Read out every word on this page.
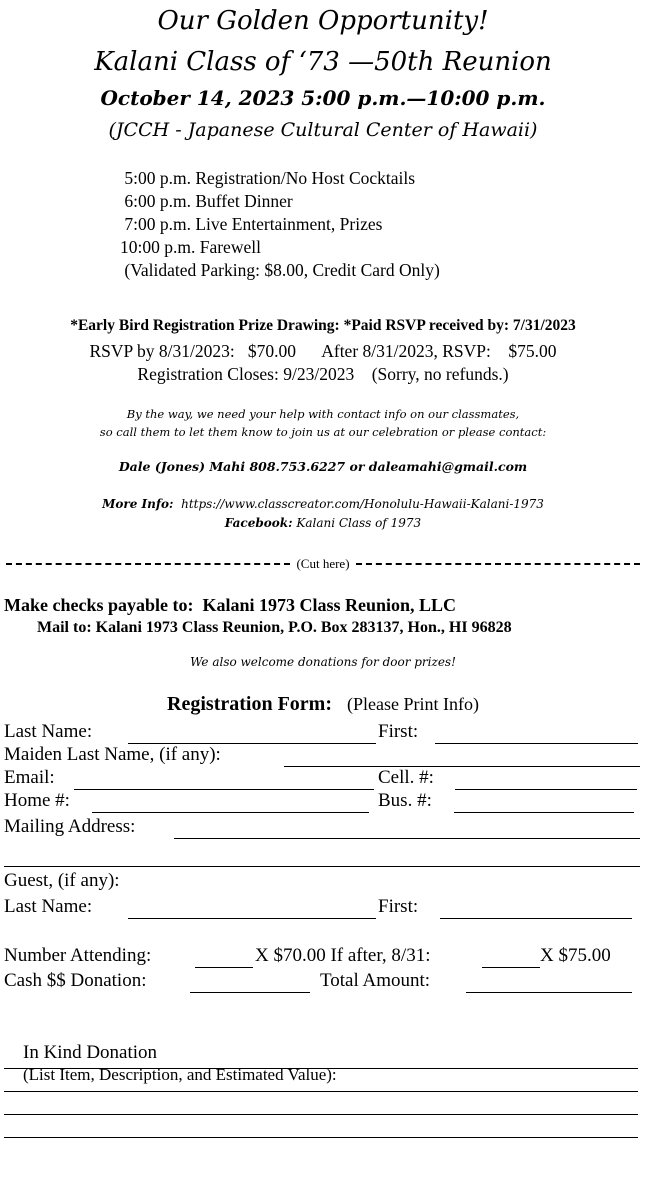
Our Golden Opportunity!
Kalani Class of ‘73 —50th Reunion
October 14, 2023 5:00 p.m.—10:00 p.m.
(JCCH - Japanese Cultural Center of Hawaii)
5:00 p.m. Registration/No Host Cocktails
6:00 p.m. Buffet Dinner
7:00 p.m. Live Entertainment, Prizes
10:00 p.m. Farewell
(Validated Parking: $8.00, Credit Card Only)
*Early Bird Registration Prize Drawing: *Paid RSVP received by: 7/31/2023
RSVP by 8/31/2023:   $70.00      After 8/31/2023, RSVP:    $75.00
Registration Closes: 9/23/2023    (Sorry, no refunds.)
By the way, we need your help with contact info on our classmates,
so call them to let them know to join us at our celebration or please contact:
Dale (Jones) Mahi 808.753.6227 or daleamahi@gmail.com
More Info: https://www.classcreator.com/Honolulu-Hawaii-Kalani-1973
Facebook: Kalani Class of 1973
(Cut here)
Make checks payable to:  Kalani 1973 Class Reunion, LLC
Mail to: Kalani 1973 Class Reunion, P.O. Box 283137, Hon., HI 96828
We also welcome donations for door prizes!
Registration Form: (Please Print Info)
Last Name:	First:
Maiden Last Name, (if any):
Email:	Cell. #:
Home #:	Bus. #:
Mailing Address:
Guest, (if any):
Last Name:	First:
Number Attending:	X $70.00 If after, 8/31:	X $75.00
Cash $$ Donation:	Total Amount:

In Kind Donation
(List Item, Description, and Estimated Value):
